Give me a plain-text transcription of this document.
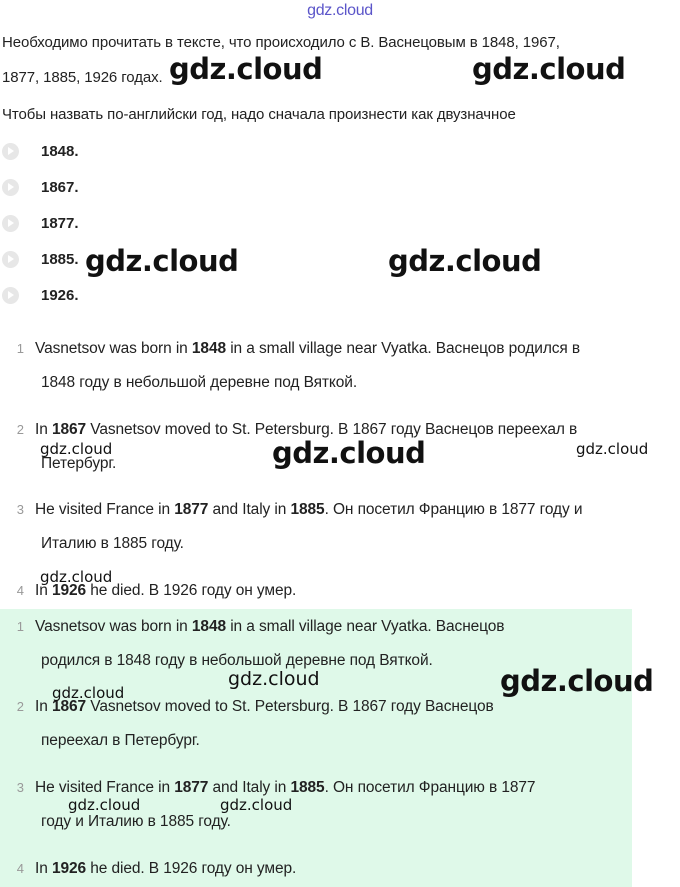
gdz.cloud
Необходимо прочитать в тексте, что происходило с В. Васнецовым в 1848, 1967,
1877, 1885, 1926 годах.
Чтобы назвать по-английски год, надо сначала произнести как двузначное
1848.
1867.
1877.
1885.
1926.
1 Vasnetsov was born in 1848 in a small village near Vyatka. Васнецов родился в
1848 году в небольшой деревне под Вяткой.
2 In 1867 Vasnetsov moved to St. Petersburg. В 1867 году Васнецов переехал в
Петербург.
3 He visited France in 1877 and Italy in 1885. Он посетил Францию в 1877 году и
Италию в 1885 году.
4 In 1926 he died. В 1926 году он умер.
1 Vasnetsov was born in 1848 in a small village near Vyatka. Васнецов
родился в 1848 году в небольшой деревне под Вяткой.
2 In 1867 Vasnetsov moved to St. Petersburg. В 1867 году Васнецов
переехал в Петербург.
3 He visited France in 1877 and Italy in 1885. Он посетил Францию в 1877
году и Италию в 1885 году.
4 In 1926 he died. В 1926 году он умер.
gdz.cloud	gdz.cloud
gdz.cloud	gdz.cloud
gdz.cloud
gdz.cloud
gdz.cloud	gdz.cloud
gdz.cloud
gdz.cloud
gdz.cloud
gdz.cloud	gdz.cloud
